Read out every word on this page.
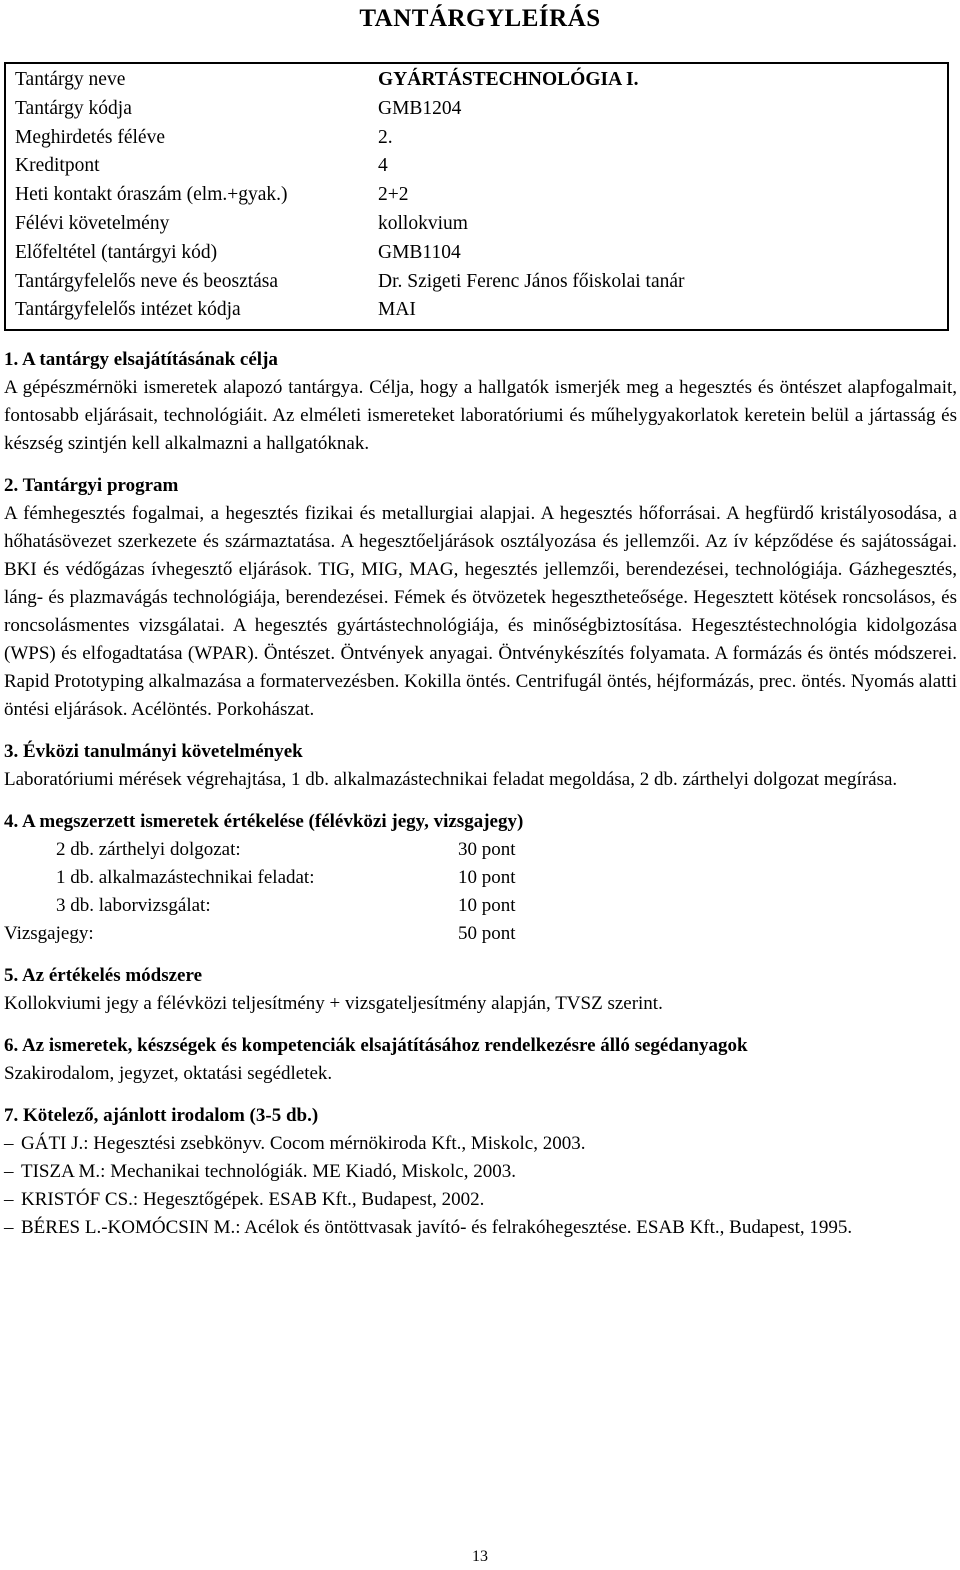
TANTÁRGYLEÍRÁS
Tantárgy neve	GYÁRTÁSTECHNOLÓGIA I.
Tantárgy kódja	GMB1204
Meghirdetés féléve	2.
Kreditpont	4
Heti kontakt óraszám (elm.+gyak.)	2+2
Félévi követelmény	kollokvium
Előfeltétel (tantárgyi kód)	GMB1104
Tantárgyfelelős neve és beosztása	Dr. Szigeti Ferenc János főiskolai tanár
Tantárgyfelelős intézet kódja	MAI
1. A tantárgy elsajátításának célja
A gépészmérnöki ismeretek alapozó tantárgya. Célja, hogy a hallgatók ismerjék meg a hegesztés és öntészet alapfogalmait, fontosabb eljárásait, technológiáit. Az elméleti ismereteket laboratóriumi és műhelygyakorlatok keretein belül a jártasság és készség szintjén kell alkalmazni a hallgatóknak.
2. Tantárgyi program
A fémhegesztés fogalmai, a hegesztés fizikai és metallurgiai alapjai. A hegesztés hőforrásai. A hegfürdő kristályosodása, a hőhatásövezet szerkezete és származtatása. A hegesztőeljárások osztályozása és jellemzői. Az ív képződése és sajátosságai. BKI és védőgázas ívhegesztő eljárások. TIG, MIG, MAG, hegesztés jellemzői, berendezései, technológiája. Gázhegesztés, láng- és plazmavágás technológiája, berendezései. Fémek és ötvözetek hegesztheteősége. Hegesztett kötések roncsolásos, és roncsolásmentes vizsgálatai. A hegesztés gyártástechnológiája, és minőségbiztosítása. Hegesztéstechnológia kidolgozása (WPS) és elfogadtatása (WPAR). Öntészet. Öntvények anyagai. Öntvénykészítés folyamata. A formázás és öntés módszerei. Rapid Prototyping alkalmazása a formatervezésben. Kokilla öntés. Centrifugál öntés, héjformázás, prec. öntés. Nyomás alatti öntési eljárások. Acélöntés. Porkohászat.
3. Évközi tanulmányi követelmények
Laboratóriumi mérések végrehajtása, 1 db. alkalmazástechnikai feladat megoldása, 2 db. zárthelyi dolgozat megírása.
4. A megszerzett ismeretek értékelése (félévközi jegy, vizsgajegy)
2 db. zárthelyi dolgozat:	30 pont
1 db. alkalmazástechnikai feladat:	10 pont
3 db. laborvizsgálat:	10 pont
Vizsgajegy:	50 pont
5. Az értékelés módszere
Kollokviumi jegy a félévközi teljesítmény + vizsgateljesítmény alapján, TVSZ szerint.
6. Az ismeretek, készségek és kompetenciák elsajátításához rendelkezésre álló segédanyagok
Szakirodalom, jegyzet, oktatási segédletek.
7. Kötelező, ajánlott irodalom (3-5 db.)
– GÁTI J.: Hegesztési zsebkönyv. Cocom mérnökiroda Kft., Miskolc, 2003.
– TISZA M.: Mechanikai technológiák. ME Kiadó, Miskolc, 2003.
– KRISTÓF CS.: Hegesztőgépek. ESAB Kft., Budapest, 2002.
– BÉRES L.-KOMÓCSIN M.: Acélok és öntöttvasak javító- és felrakóhegesztése. ESAB Kft., Budapest, 1995.
13
